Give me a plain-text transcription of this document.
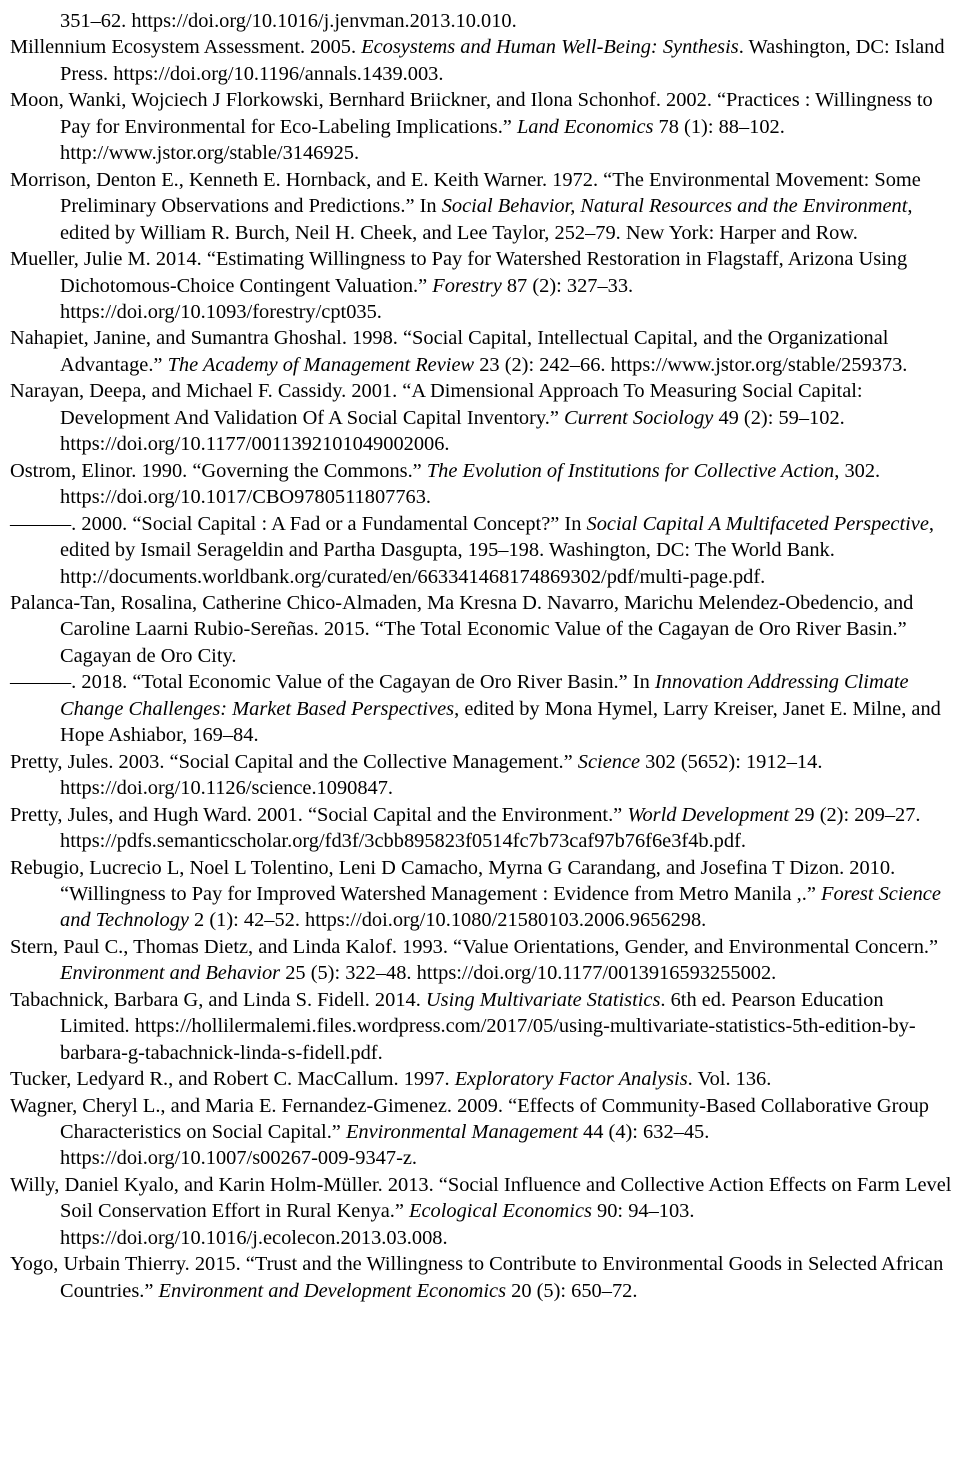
351–62. https://doi.org/10.1016/j.jenvman.2013.10.010.

Millennium Ecosystem Assessment. 2005. Ecosystems and Human Well-Being: Synthesis. Washington, DC: Island Press. https://doi.org/10.1196/annals.1439.003.

Moon, Wanki, Wojciech J Florkowski, Bernhard Briickner, and Ilona Schonhof. 2002. “Practices : Willingness to Pay for Environmental for Eco-Labeling Implications.” Land Economics 78 (1): 88–102. http://www.jstor.org/stable/3146925.

Morrison, Denton E., Kenneth E. Hornback, and E. Keith Warner. 1972. “The Environmental Movement: Some Preliminary Observations and Predictions.” In Social Behavior, Natural Resources and the Environment, edited by William R. Burch, Neil H. Cheek, and Lee Taylor, 252–79. New York: Harper and Row.

Mueller, Julie M. 2014. “Estimating Willingness to Pay for Watershed Restoration in Flagstaff, Arizona Using Dichotomous-Choice Contingent Valuation.” Forestry 87 (2): 327–33. https://doi.org/10.1093/forestry/cpt035.

Nahapiet, Janine, and Sumantra Ghoshal. 1998. “Social Capital, Intellectual Capital, and the Organizational Advantage.” The Academy of Management Review 23 (2): 242–66. https://www.jstor.org/stable/259373.

Narayan, Deepa, and Michael F. Cassidy. 2001. “A Dimensional Approach To Measuring Social Capital: Development And Validation Of A Social Capital Inventory.” Current Sociology 49 (2): 59–102. https://doi.org/10.1177/0011392101049002006.

Ostrom, Elinor. 1990. “Governing the Commons.” The Evolution of Institutions for Collective Action, 302. https://doi.org/10.1017/CBO9780511807763.

———. 2000. “Social Capital : A Fad or a Fundamental Concept?” In Social Capital A Multifaceted Perspective, edited by Ismail Serageldin and Partha Dasgupta, 195–198. Washington, DC: The World Bank. http://documents.worldbank.org/curated/en/663341468174869302/pdf/multi-page.pdf.

Palanca-Tan, Rosalina, Catherine Chico-Almaden, Ma Kresna D. Navarro, Marichu Melendez-Obedencio, and Caroline Laarni Rubio-Sereñas. 2015. “The Total Economic Value of the Cagayan de Oro River Basin.” Cagayan de Oro City.

———. 2018. “Total Economic Value of the Cagayan de Oro River Basin.” In Innovation Addressing Climate Change Challenges: Market Based Perspectives, edited by Mona Hymel, Larry Kreiser, Janet E. Milne, and Hope Ashiabor, 169–84.

Pretty, Jules. 2003. “Social Capital and the Collective Management.” Science 302 (5652): 1912–14. https://doi.org/10.1126/science.1090847.

Pretty, Jules, and Hugh Ward. 2001. “Social Capital and the Environment.” World Development 29 (2): 209–27. https://pdfs.semanticscholar.org/fd3f/3cbb895823f0514fc7b73caf97b76f6e3f4b.pdf.

Rebugio, Lucrecio L, Noel L Tolentino, Leni D Camacho, Myrna G Carandang, and Josefina T Dizon. 2010. “Willingness to Pay for Improved Watershed Management : Evidence from Metro Manila ,.” Forest Science and Technology 2 (1): 42–52. https://doi.org/10.1080/21580103.2006.9656298.

Stern, Paul C., Thomas Dietz, and Linda Kalof. 1993. “Value Orientations, Gender, and Environmental Concern.” Environment and Behavior 25 (5): 322–48. https://doi.org/10.1177/0013916593255002.

Tabachnick, Barbara G, and Linda S. Fidell. 2014. Using Multivariate Statistics. 6th ed. Pearson Education Limited. https://hollilermalemi.files.wordpress.com/2017/05/using-multivariate-statistics-5th-edition-by-barbara-g-tabachnick-linda-s-fidell.pdf.

Tucker, Ledyard R., and Robert C. MacCallum. 1997. Exploratory Factor Analysis. Vol. 136.

Wagner, Cheryl L., and Maria E. Fernandez-Gimenez. 2009. “Effects of Community-Based Collaborative Group Characteristics on Social Capital.” Environmental Management 44 (4): 632–45. https://doi.org/10.1007/s00267-009-9347-z.

Willy, Daniel Kyalo, and Karin Holm-Müller. 2013. “Social Influence and Collective Action Effects on Farm Level Soil Conservation Effort in Rural Kenya.” Ecological Economics 90: 94–103. https://doi.org/10.1016/j.ecolecon.2013.03.008.

Yogo, Urbain Thierry. 2015. “Trust and the Willingness to Contribute to Environmental Goods in Selected African Countries.” Environment and Development Economics 20 (5): 650–72.
